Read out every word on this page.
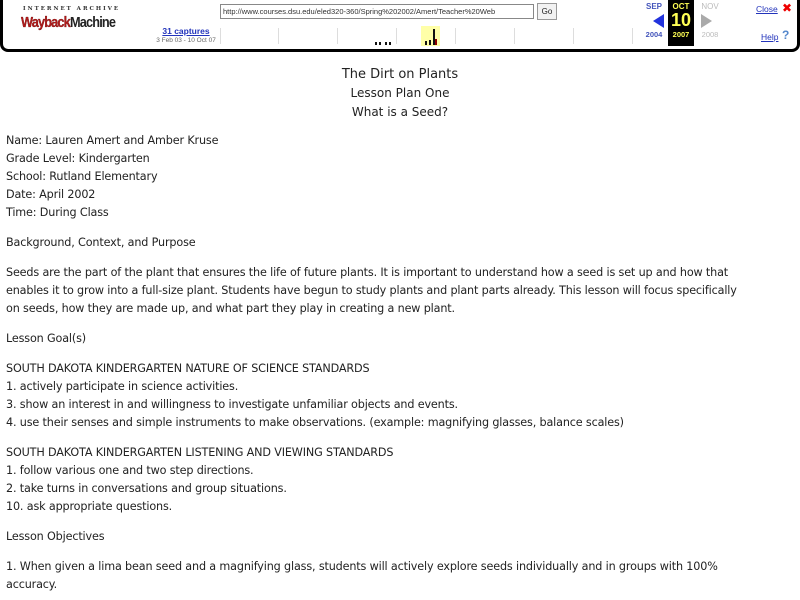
INTERNET ARCHIVE
Wayback Machine	31 captures
3 Feb 03 - 10 Oct 07
http://www.courses.dsu.edu/eled320-360/Spring%202002/Amert/Teacher%20Web	Go
SEP
2004
OCT
10
2007
NOV
2008
Close ✖
Help ?
The Dirt on Plants
Lesson Plan One
What is a Seed?

Name: Lauren Amert and Amber Kruse

Grade Level: Kindergarten

School: Rutland Elementary

Date: April 2002

Time: During Class

Background, Context, and Purpose

Seeds are the part of the plant that ensures the life of future plants. It is important to understand how a seed is set up and how that

enables it to grow into a full-size plant. Students have begun to study plants and plant parts already. This lesson will focus specifically

on seeds, how they are made up, and what part they play in creating a new plant.

Lesson Goal(s)

SOUTH DAKOTA KINDERGARTEN NATURE OF SCIENCE STANDARDS

1. actively participate in science activities.

3. show an interest in and willingness to investigate unfamiliar objects and events.

4. use their senses and simple instruments to make observations. (example: magnifying glasses, balance scales)

SOUTH DAKOTA KINDERGARTEN LISTENING AND VIEWING STANDARDS

1. follow various one and two step directions.

2. take turns in conversations and group situations.

10. ask appropriate questions.

Lesson Objectives

1. When given a lima bean seed and a magnifying glass, students will actively explore seeds individually and in groups with 100%

accuracy.
